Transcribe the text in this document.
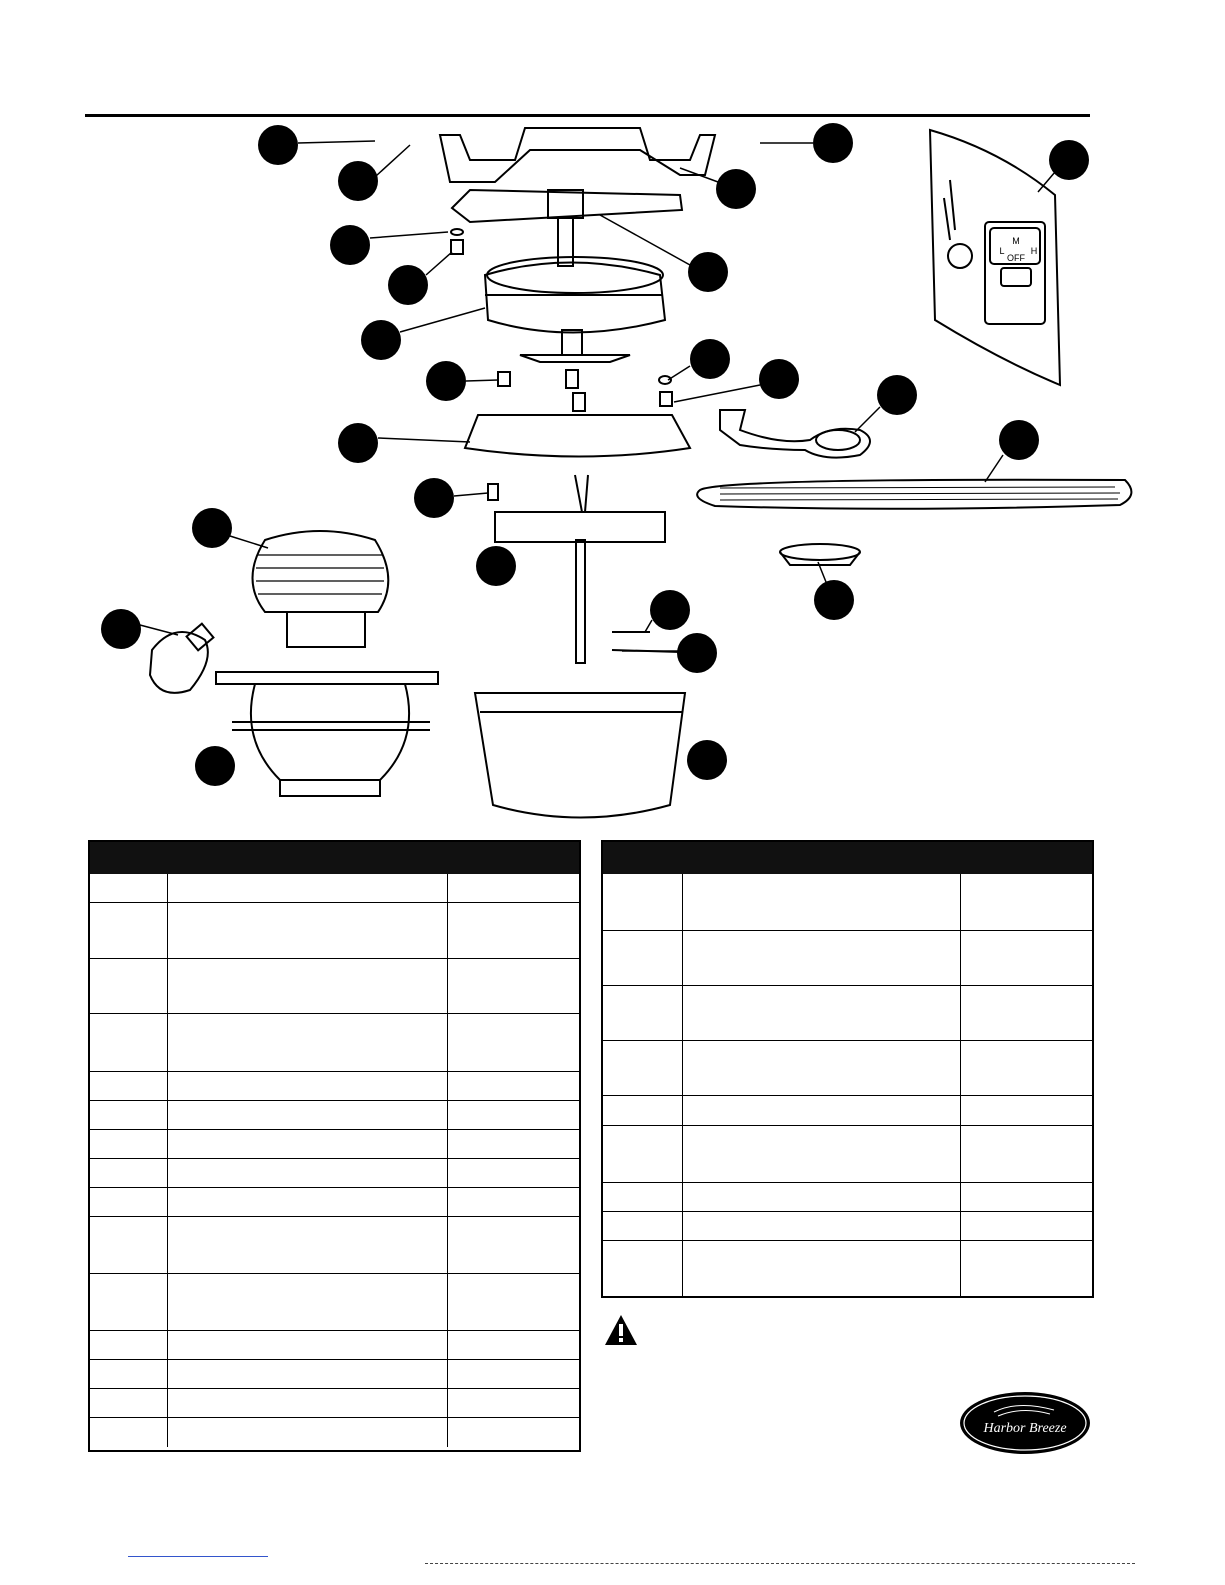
M
L	H
OFF
Harbor Breeze
